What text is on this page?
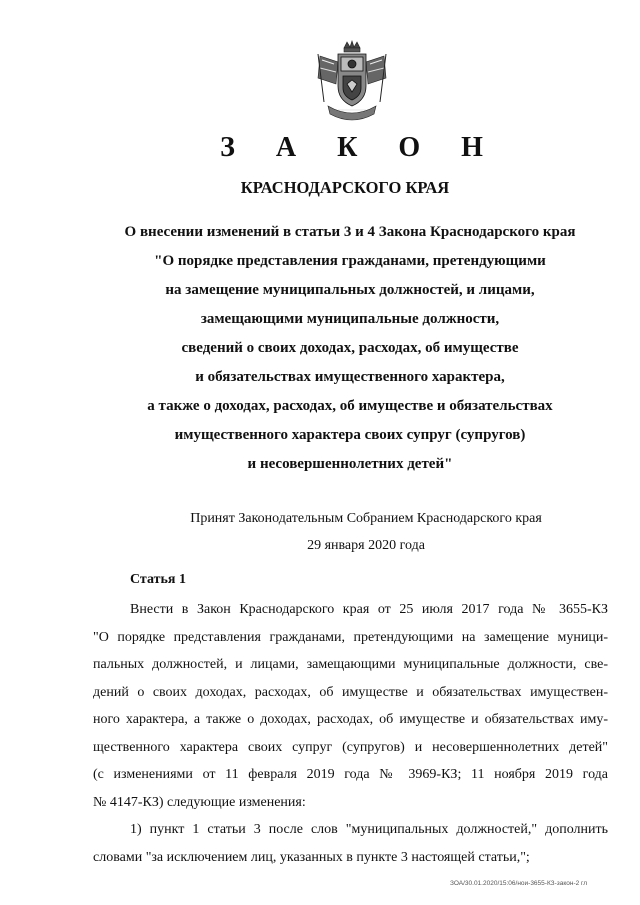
З А К О Н
КРАСНОДАРСКОГО КРАЯ
О внесении изменений в статьи 3 и 4 Закона Краснодарского края
"О порядке представления гражданами, претендующими
на замещение муниципальных должностей, и лицами,
замещающими муниципальные должности,
сведений о своих доходах, расходах, об имуществе
и обязательствах имущественного характера,
а также о доходах, расходах, об имуществе и обязательствах
имущественного характера своих супруг (супругов)
и несовершеннолетних детей"
Принят Законодательным Собранием Краснодарского края
29 января 2020 года
Статья 1
Внести в Закон Краснодарского края от 25 июля 2017 года № 3655-КЗ
"О порядке представления гражданами, претендующими на замещение муници-
пальных должностей, и лицами, замещающими муниципальные должности, све-
дений о своих доходах, расходах, об имуществе и обязательствах имуществен-
ного характера, а также о доходах, расходах, об имуществе и обязательствах иму-
щественного характера своих супруг (супругов) и несовершеннолетних детей"
(с изменениями от 11 февраля 2019 года № 3969-КЗ; 11 ноября 2019 года
№ 4147-КЗ) следующие изменения:
1) пункт 1 статьи 3 после слов "муниципальных должностей," дополнить
словами "за исключением лиц, указанных в пункте 3 настоящей статьи,";
ЗОА/30.01.2020/15:06/нои-3655-КЗ-закон-2 гл
